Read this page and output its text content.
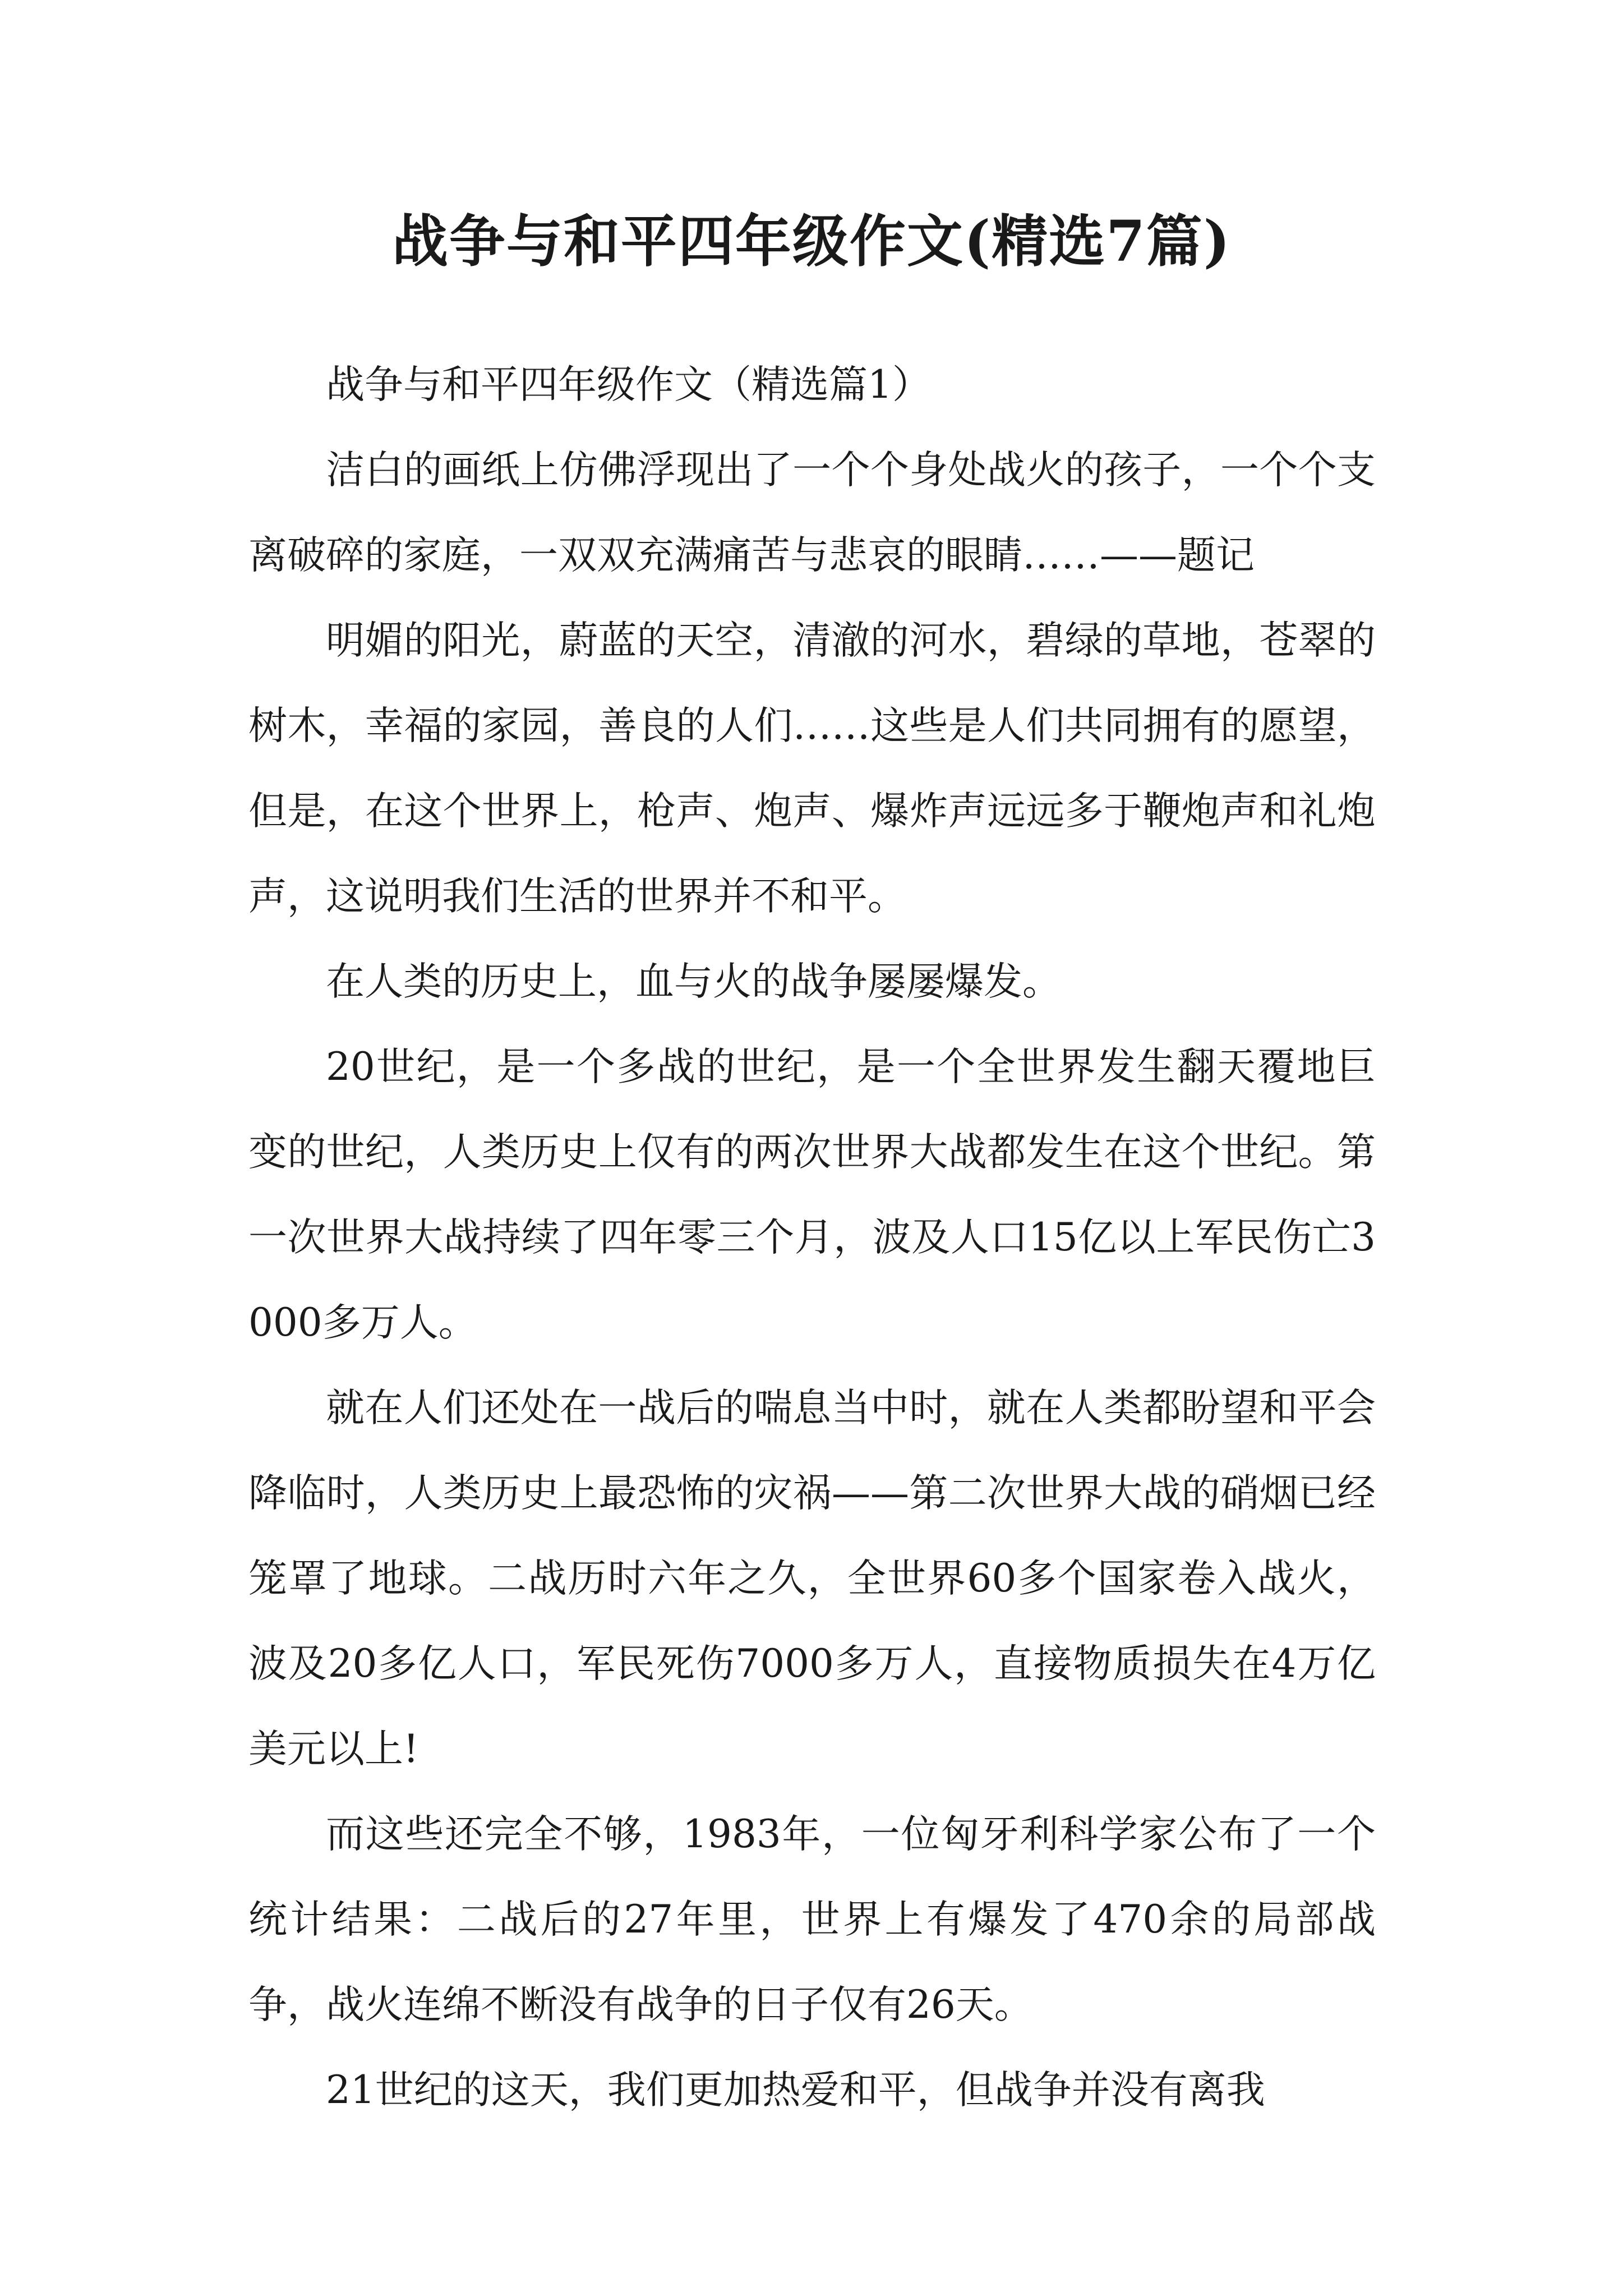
战争与和平四年级作文(精选7篇)

战争与和平四年级作文（精选篇1）

洁白的画纸上仿佛浮现出了一个个身处战火的孩子，一个个支离破碎的家庭，一双双充满痛苦与悲哀的眼睛……——题记

明媚的阳光，蔚蓝的天空，清澈的河水，碧绿的草地，苍翠的树木，幸福的家园，善良的人们……这些是人们共同拥有的愿望，但是，在这个世界上，枪声、炮声、爆炸声远远多于鞭炮声和礼炮声，这说明我们生活的世界并不和平。

在人类的历史上，血与火的战争屡屡爆发。

20世纪，是一个多战的世纪，是一个全世界发生翻天覆地巨变的世纪，人类历史上仅有的两次世界大战都发生在这个世纪。第一次世界大战持续了四年零三个月，波及人口15亿以上军民伤亡3000多万人。

就在人们还处在一战后的喘息当中时，就在人类都盼望和平会降临时，人类历史上最恐怖的灾祸——第二次世界大战的硝烟已经笼罩了地球。二战历时六年之久，全世界60多个国家卷入战火，波及20多亿人口，军民死伤7000多万人，直接物质损失在4万亿美元以上!

而这些还完全不够，1983年，一位匈牙利科学家公布了一个统计结果：二战后的27年里，世界上有爆发了470余的局部战争，战火连绵不断没有战争的日子仅有26天。

21世纪的这天，我们更加热爱和平，但战争并没有离我
